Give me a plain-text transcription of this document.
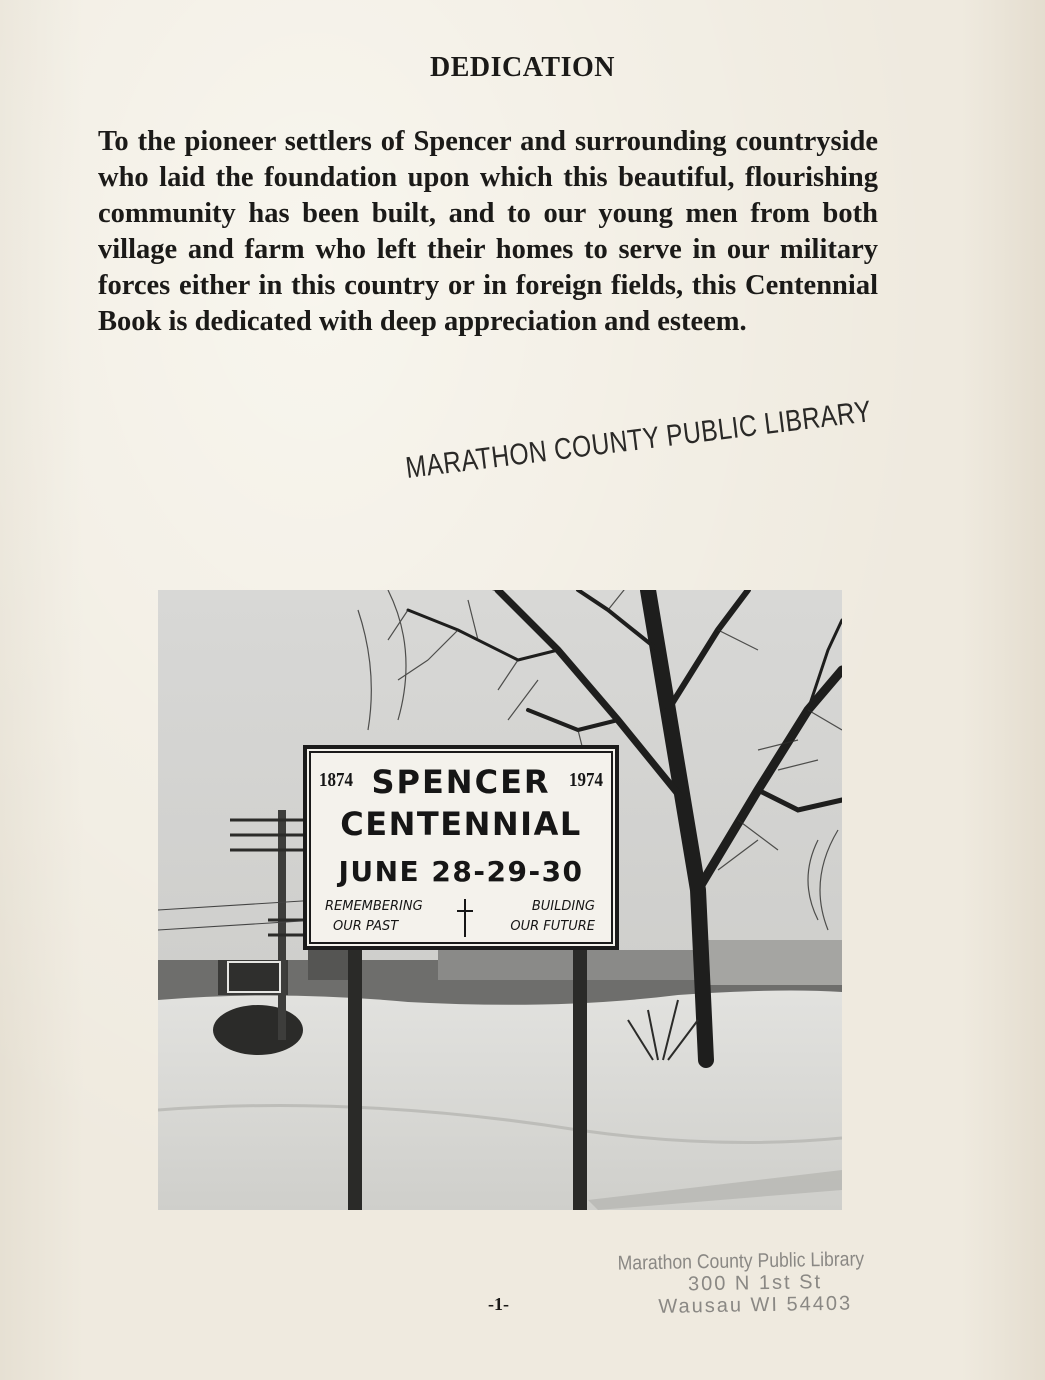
DEDICATION
To the pioneer settlers of Spencer and surrounding countryside who laid the foundation upon which this beautiful, flourishing community has been built, and to our young men from both village and farm who left their homes to serve in our military forces either in this country or in foreign fields, this Centennial Book is dedicated with deep appreciation and esteem.
MARATHON COUNTY PUBLIC LIBRARY
1874 SPENCER 1974
CENTENNIAL
JUNE 28-29-30
REMEMBERING
OUR PAST
BUILDING
OUR FUTURE
Marathon County Public Library
300 N 1st St
Wausau WI 54403
-1-
